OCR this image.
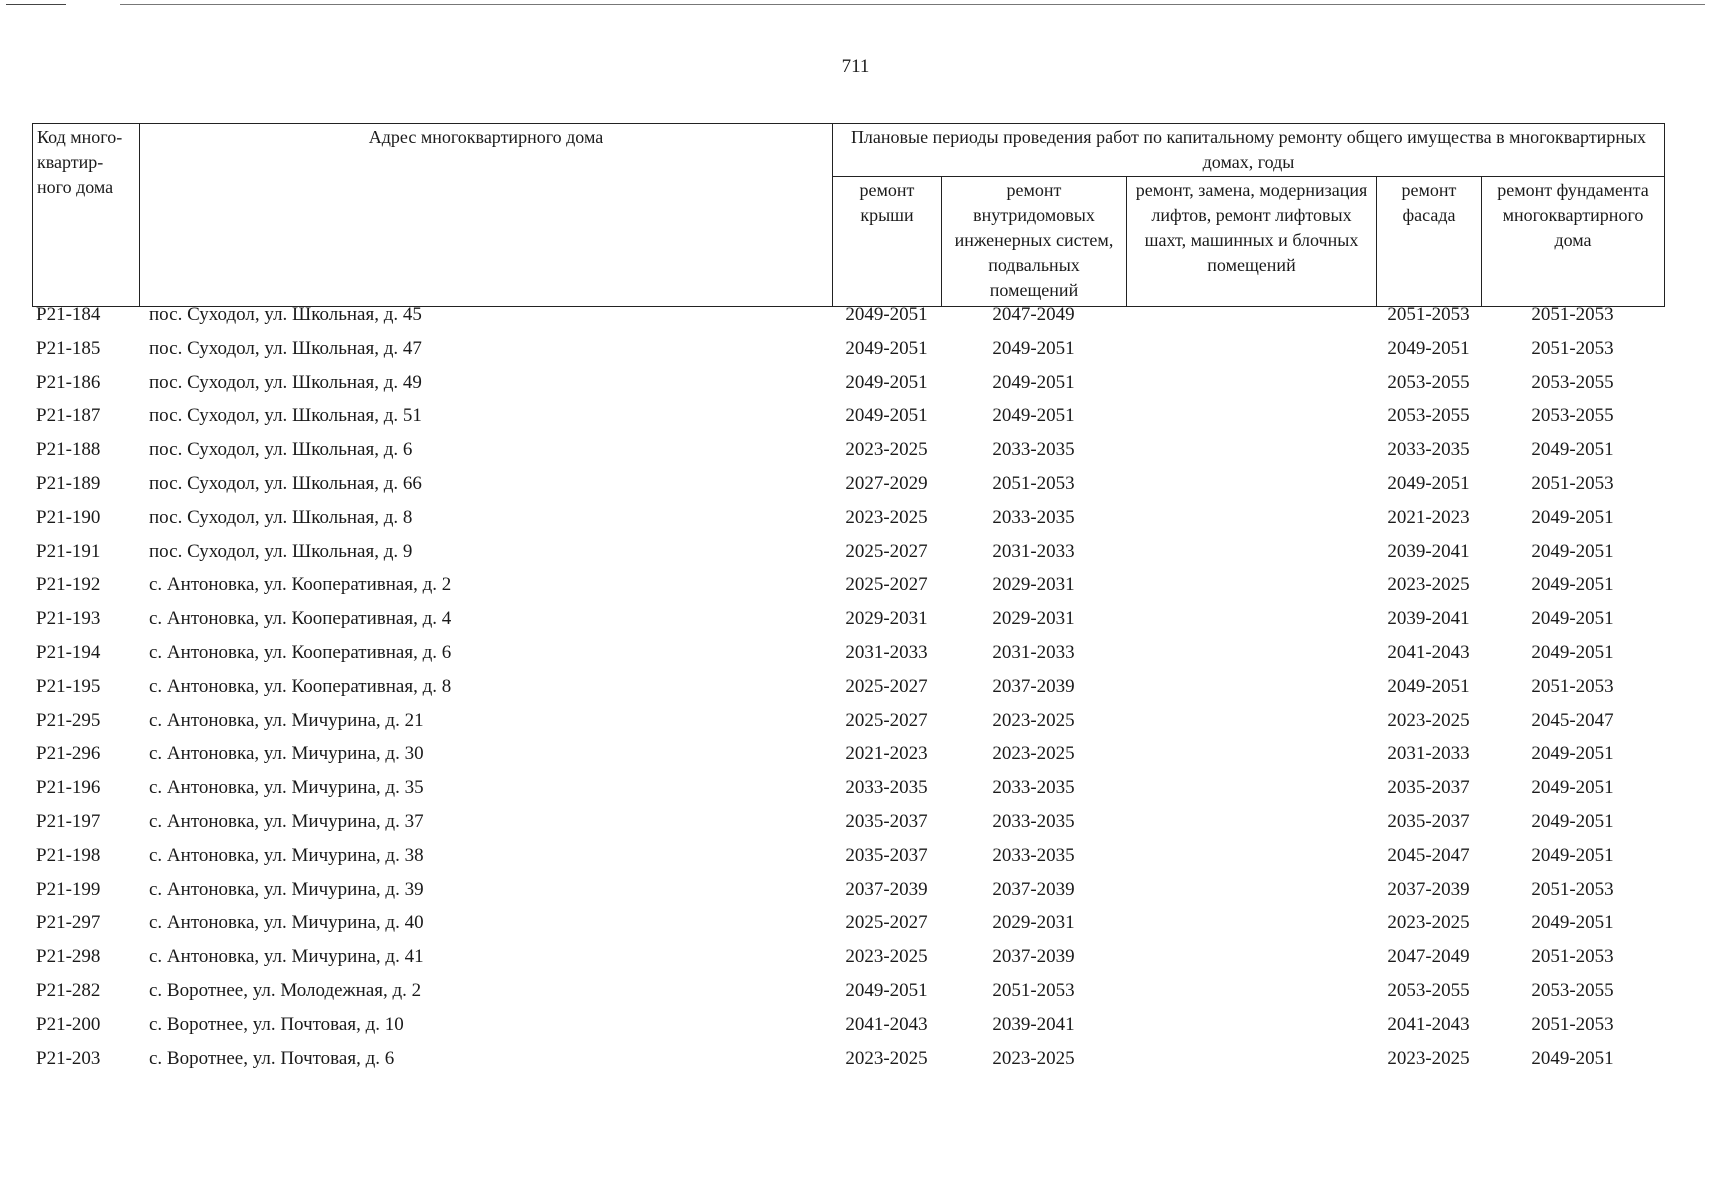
711
Код много-квартир-ного дома	Адрес многоквартирного дома	Плановые периоды проведения работ по капитальному ремонту общего имущества в многоквартирных домах, годы				
		ремонт крыши	ремонт внутридомовых инженерных систем, подвальных помещений	ремонт, замена, модернизация лифтов, ремонт лифтовых шахт, машинных и блочных помещений	ремонт фасада	ремонт фундамента многоквартирного дома
Р21-184	пос. Суходол, ул. Школьная, д. 45	2049-2051	2047-2049		2051-2053	2051-2053
Р21-185	пос. Суходол, ул. Школьная, д. 47	2049-2051	2049-2051		2049-2051	2051-2053
Р21-186	пос. Суходол, ул. Школьная, д. 49	2049-2051	2049-2051		2053-2055	2053-2055
Р21-187	пос. Суходол, ул. Школьная, д. 51	2049-2051	2049-2051		2053-2055	2053-2055
Р21-188	пос. Суходол, ул. Школьная, д. 6	2023-2025	2033-2035		2033-2035	2049-2051
Р21-189	пос. Суходол, ул. Школьная, д. 66	2027-2029	2051-2053		2049-2051	2051-2053
Р21-190	пос. Суходол, ул. Школьная, д. 8	2023-2025	2033-2035		2021-2023	2049-2051
Р21-191	пос. Суходол, ул. Школьная, д. 9	2025-2027	2031-2033		2039-2041	2049-2051
Р21-192	с. Антоновка, ул. Кооперативная, д. 2	2025-2027	2029-2031		2023-2025	2049-2051
Р21-193	с. Антоновка, ул. Кооперативная, д. 4	2029-2031	2029-2031		2039-2041	2049-2051
Р21-194	с. Антоновка, ул. Кооперативная, д. 6	2031-2033	2031-2033		2041-2043	2049-2051
Р21-195	с. Антоновка, ул. Кооперативная, д. 8	2025-2027	2037-2039		2049-2051	2051-2053
Р21-295	с. Антоновка, ул. Мичурина, д. 21	2025-2027	2023-2025		2023-2025	2045-2047
Р21-296	с. Антоновка, ул. Мичурина, д. 30	2021-2023	2023-2025		2031-2033	2049-2051
Р21-196	с. Антоновка, ул. Мичурина, д. 35	2033-2035	2033-2035		2035-2037	2049-2051
Р21-197	с. Антоновка, ул. Мичурина, д. 37	2035-2037	2033-2035		2035-2037	2049-2051
Р21-198	с. Антоновка, ул. Мичурина, д. 38	2035-2037	2033-2035		2045-2047	2049-2051
Р21-199	с. Антоновка, ул. Мичурина, д. 39	2037-2039	2037-2039		2037-2039	2051-2053
Р21-297	с. Антоновка, ул. Мичурина, д. 40	2025-2027	2029-2031		2023-2025	2049-2051
Р21-298	с. Антоновка, ул. Мичурина, д. 41	2023-2025	2037-2039		2047-2049	2051-2053
Р21-282	с. Воротнее, ул. Молодежная, д. 2	2049-2051	2051-2053		2053-2055	2053-2055
Р21-200	с. Воротнее, ул. Почтовая, д. 10	2041-2043	2039-2041		2041-2043	2051-2053
Р21-203	с. Воротнее, ул. Почтовая, д. 6	2023-2025	2023-2025		2023-2025	2049-2051
